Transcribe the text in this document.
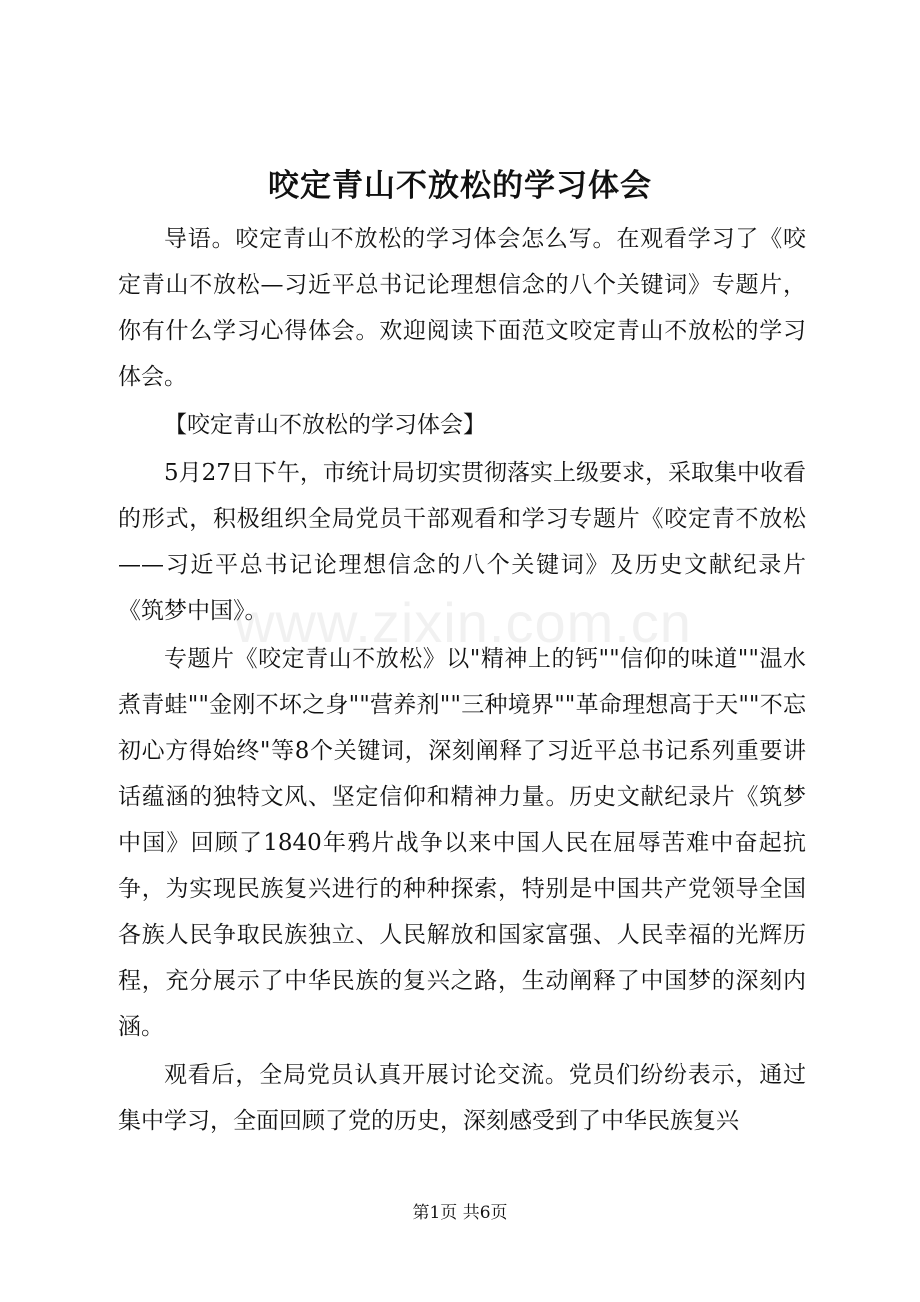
咬定青山不放松的学习体会

导语。咬定青山不放松的学习体会怎么写。在观看学习了《咬定青山不放松—习近平总书记论理想信念的八个关键词》专题片，你有什么学习心得体会。欢迎阅读下面范文咬定青山不放松的学习体会。

【咬定青山不放松的学习体会】

5月27日下午，市统计局切实贯彻落实上级要求，采取集中收看的形式，积极组织全局党员干部观看和学习专题片《咬定青不放松——习近平总书记论理想信念的八个关键词》及历史文献纪录片《筑梦中国》。

专题片《咬定青山不放松》以"精神上的钙""信仰的味道""温水煮青蛙""金刚不坏之身""营养剂""三种境界""革命理想高于天""不忘初心方得始终"等8个关键词，深刻阐释了习近平总书记系列重要讲话蕴涵的独特文风、坚定信仰和精神力量。历史文献纪录片《筑梦中国》回顾了1840年鸦片战争以来中国人民在屈辱苦难中奋起抗争，为实现民族复兴进行的种种探索，特别是中国共产党领导全国各族人民争取民族独立、人民解放和国家富强、人民幸福的光辉历程，充分展示了中华民族的复兴之路，生动阐释了中国梦的深刻内涵。

观看后，全局党员认真开展讨论交流。党员们纷纷表示，通过集中学习，全面回顾了党的历史，深刻感受到了中华民族复兴

www.zixin.com.cn
第1页 共6页
